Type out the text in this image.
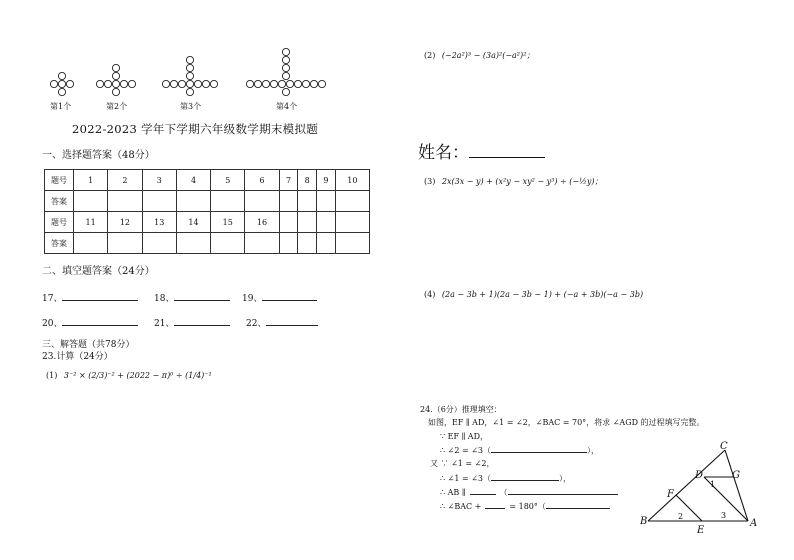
第1个	第2个	第3个	第4个
2022-2023 学年下学期六年级数学期末模拟题
一、选择题答案（48分）
题号	1	2	3	4	5	6	7	8	9	10
答案										
题号	11	12	13	14	15	16				
答案										
二、填空题答案（24分）
17、	18、	19、
20、	21、	22、
三、解答题（共78分）
23.计算（24分）
(1) 3⁻² × (2/3)⁻² + (2022 − π)⁰ ÷ (1/4)⁻¹
(2) (−2a²)³ − (3a)²(−a²)²；
姓名：
(3) 2x(3x − y) + (x²y − xy² − y³) ÷ (−½y)；
(4) (2a − 3b + 1)(2a − 3b − 1) + (−a + 3b)(−a − 3b)
24.（6分）推理填空：
如图，EF ∥ AD，∠1 = ∠2，∠BAC = 70°，将求 ∠AGD 的过程填写完整。
∵ EF ∥ AD，
∴ ∠2 = ∠3（	），
又 ∵ ∠1 = ∠2，
∴ ∠1 = ∠3（	），
∴ AB ∥	（
∴ ∠BAC +	= 180°（
B	A
C
D	G
F
E
1
2	3
